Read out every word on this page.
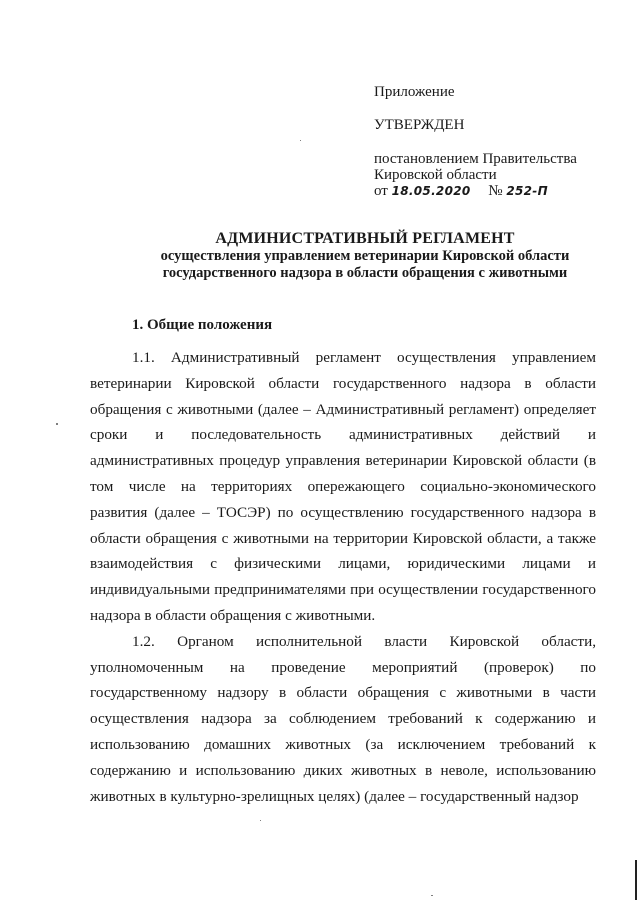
Приложение
УТВЕРЖДЕН
постановлением Правительства
Кировской области
от 18.05.2020 № 252-П
АДМИНИСТРАТИВНЫЙ РЕГЛАМЕНТ
осуществления управлением ветеринарии Кировской области
государственного надзора в области обращения с животными
1. Общие положения

1.1. Административный регламент осуществления управлением ветеринарии Кировской области государственного надзора в области обращения с животными (далее – Административный регламент) определяет сроки и последовательность административных действий и административных процедур управления ветеринарии Кировской области (в том числе на территориях опережающего социально-экономического развития (далее – ТОСЭР) по осуществлению государственного надзора в области обращения с животными на территории Кировской области, а также взаимодействия с физическими лицами, юридическими лицами и индивидуальными предпринимателями при осуществлении государственного надзора в области обращения с животными.

1.2. Органом исполнительной власти Кировской области, уполномоченным на проведение мероприятий (проверок) по государственному надзору в области обращения с животными в части осуществления надзора за соблюдением требований к содержанию и использованию домашних животных (за исключением требований к содержанию и использованию диких животных в неволе, использованию животных в культурно-зрелищных целях) (далее – государственный надзор
